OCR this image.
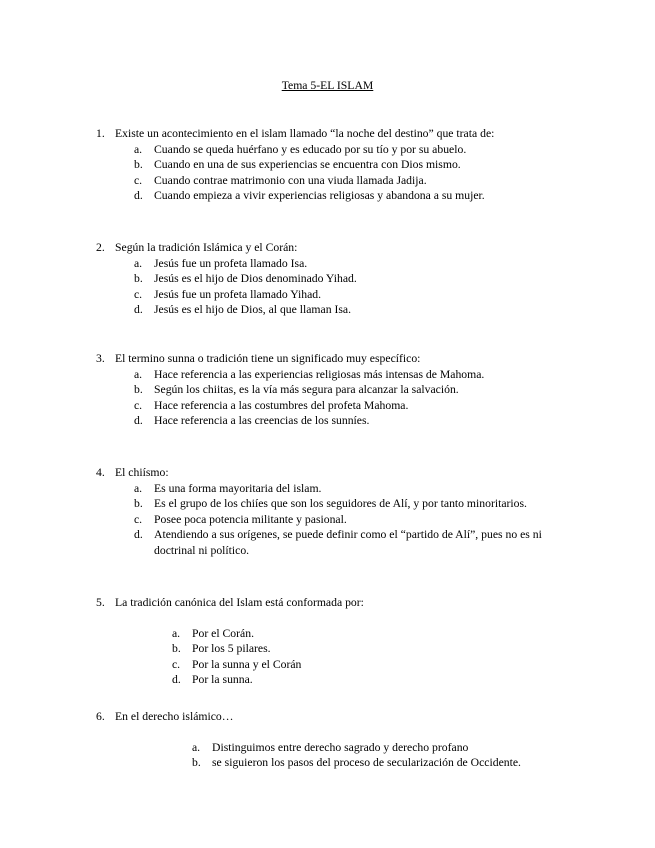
Tema 5-EL ISLAM
1. Existe un acontecimiento en el islam llamado “la noche del destino” que trata de:
a. Cuando se queda huérfano y es educado por su tío y por su abuelo.
b. Cuando en una de sus experiencias se encuentra con Dios mismo.
c. Cuando contrae matrimonio con una viuda llamada Jadija.
d. Cuando empieza a vivir experiencias religiosas y abandona a su mujer.
2. Según la tradición Islámica y el Corán:
a. Jesús fue un profeta llamado Isa.
b. Jesús es el hijo de Dios denominado Yihad.
c. Jesús fue un profeta llamado Yihad.
d. Jesús es el hijo de Dios, al que llaman Isa.
3. El termino sunna o tradición tiene un significado muy específico:
a. Hace referencia a las experiencias religiosas más intensas de Mahoma.
b. Según los chiitas, es la vía más segura para alcanzar la salvación.
c. Hace referencia a las costumbres del profeta Mahoma.
d. Hace referencia a las creencias de los sunníes.
4. El chiísmo:
a. Es una forma mayoritaria del islam.
b. Es el grupo de los chiíes que son los seguidores de Alí, y por tanto minoritarios.
c. Posee poca potencia militante y pasional.
d. Atendiendo a sus orígenes, se puede definir como el “partido de Alí”, pues no es ni doctrinal ni político.
5. La tradición canónica del Islam está conformada por:
a. Por el Corán.
b. Por los 5 pilares.
c. Por la sunna y el Corán
d. Por la sunna.
6. En el derecho islámico…
a. Distinguimos entre derecho sagrado y derecho profano
b. se siguieron los pasos del proceso de secularización de Occidente.
